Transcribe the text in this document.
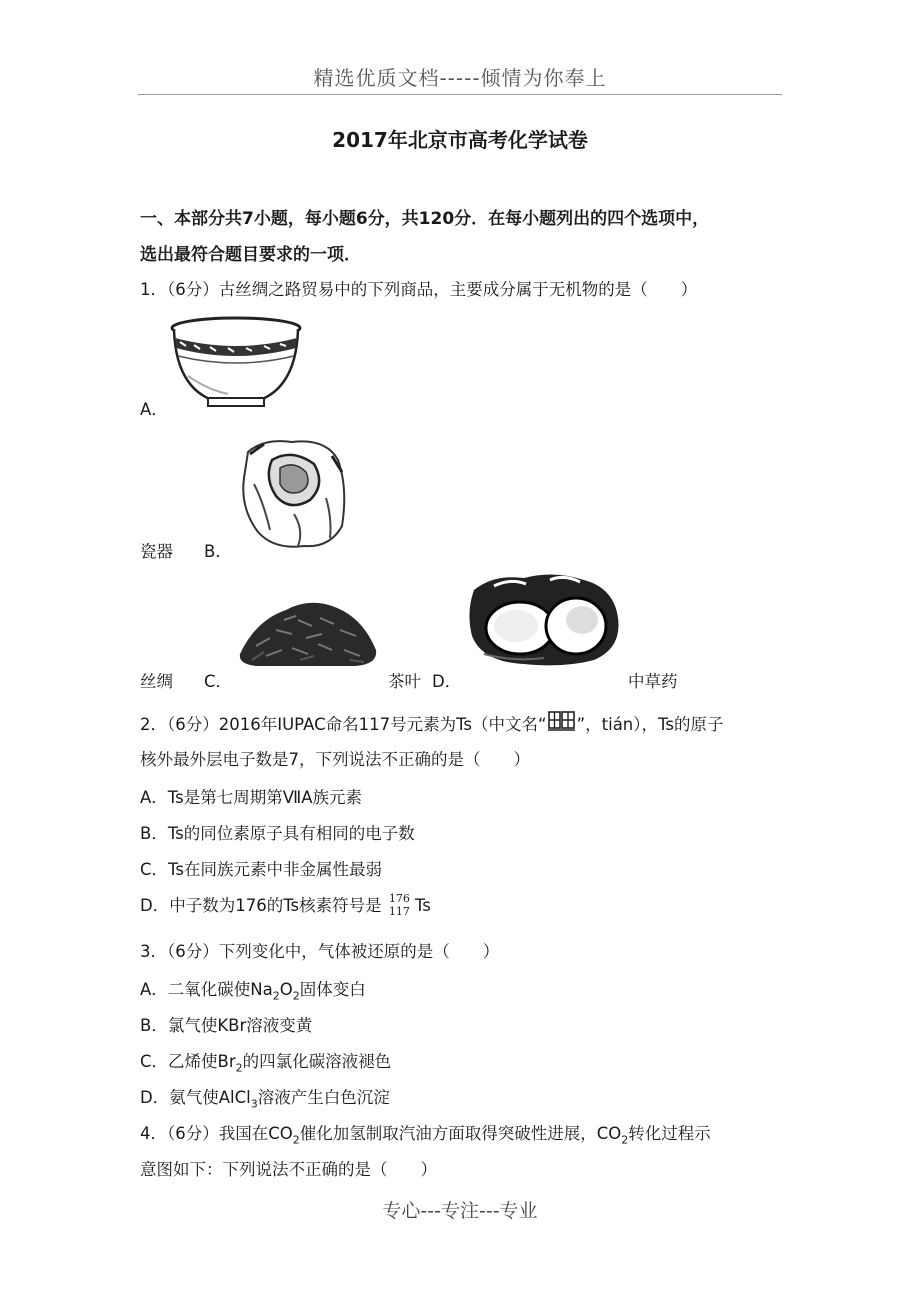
精选优质文档-----倾情为你奉上
2017年北京市高考化学试卷
一、本部分共7小题，每小题6分，共120分．在每小题列出的四个选项中，
选出最符合题目要求的一项．
1．（6分）古丝绸之路贸易中的下列商品，主要成分属于无机物的是（　　）
A．
瓷器 B．
丝绸 C．	茶叶 D．	中草药
2．（6分）2016年IUPAC命名117号元素为Ts（中文名“ ”，tián），Ts的原子
核外最外层电子数是7，下列说法不正确的是（　　）
A．Ts是第七周期第ⅦA族元素
B．Ts的同位素原子具有相同的电子数
C．Ts在同族元素中非金属性最弱
D．中子数为176的Ts核素符号是 176
117 Ts
3．（6分）下列变化中，气体被还原的是（　　）
A．二氧化碳使$Na_2O_2$固体变白
B．氯气使KBr溶液变黄
C．乙烯使$Br_2$的四氯化碳溶液褪色
D．氨气使AlCl$_3$溶液产生白色沉淀
4．（6分）我国在$CO_2$催化加氢制取汽油方面取得突破性进展，$CO_2$转化过程示
意图如下：下列说法不正确的是（　　）
专心---专注---专业
